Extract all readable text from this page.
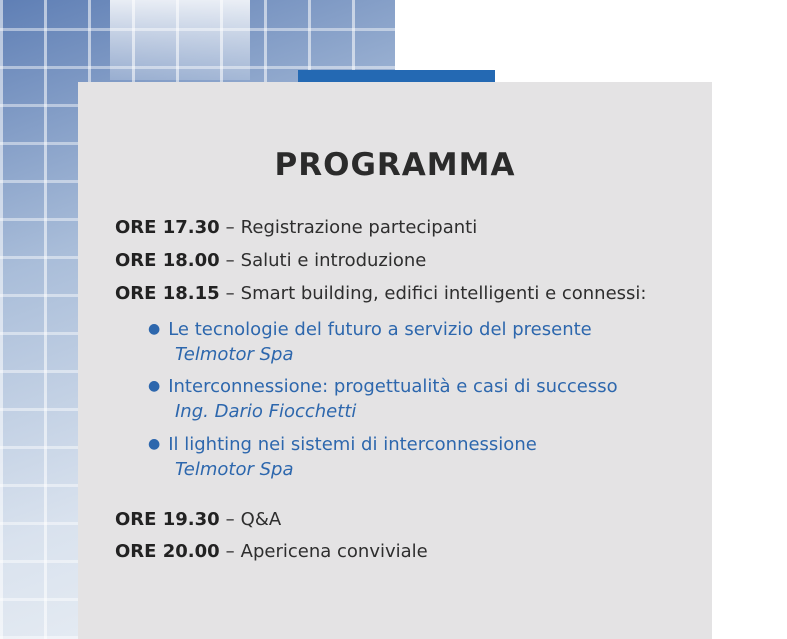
PROGRAMMA
ORE 17.30 – Registrazione partecipanti
ORE 18.00 – Saluti e introduzione
ORE 18.15 – Smart building, edifici intelligenti e connessi:
● Le tecnologie del futuro a servizio del presente
Telmotor Spa
● Interconnessione: progettualità e casi di successo
Ing. Dario Fiocchetti
● Il lighting nei sistemi di interconnessione
Telmotor Spa
ORE 19.30 – Q&A
ORE 20.00 – Apericena conviviale
